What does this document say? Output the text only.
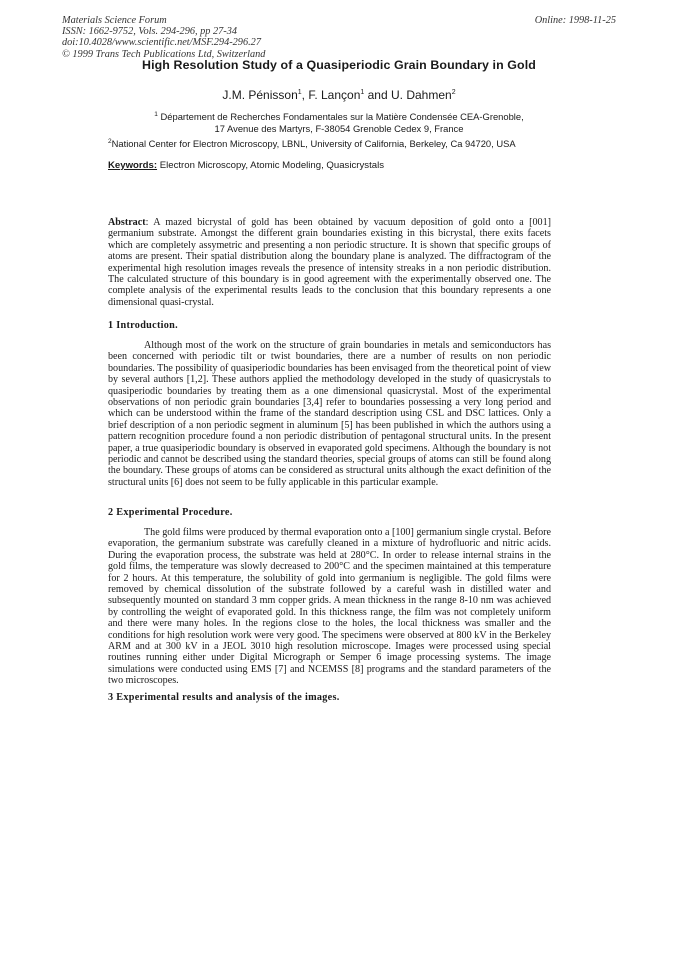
Materials Science Forum
ISSN: 1662-9752, Vols. 294-296, pp 27-34
doi:10.4028/www.scientific.net/MSF.294-296.27
© 1999 Trans Tech Publications Ltd, Switzerland
Online: 1998-11-25
High Resolution Study of a Quasiperiodic Grain Boundary in Gold
J.M. Pénisson$^1$, F. Lançon$^1$ and U. Dahmen$^2$
$^1$ Département de Recherches Fondamentales sur la Matière Condensée CEA-Grenoble,
17 Avenue des Martyrs, F-38054 Grenoble Cedex 9, France
$^2$National Center for Electron Microscopy, LBNL, University of California, Berkeley, Ca 94720, USA
Keywords: Electron Microscopy, Atomic Modeling, Quasicrystals

Abstract: A mazed bicrystal of gold has been obtained by vacuum deposition of gold onto a [001] germanium substrate. Amongst the different grain boundaries existing in this bicrystal, there exits facets which are completely assymetric and presenting a non periodic structure. It is shown that specific groups of atoms are present. Their spatial distribution along the boundary plane is analyzed. The diffractogram of the experimental high resolution images reveals the presence of intensity streaks in a non periodic distribution. The calculated structure of this boundary is in good agreement with the experimentally observed one. The complete analysis of the experimental results leads to the conclusion that this boundary represents a one dimensional quasi-crystal.

1 Introduction.

Although most of the work on the structure of grain boundaries in metals and semiconductors has been concerned with periodic tilt or twist boundaries, there are a number of results on non periodic boundaries. The possibility of quasiperiodic boundaries has been envisaged from the theoretical point of view by several authors [1,2]. These authors applied the methodology developed in the study of quasicrystals to quasiperiodic boundaries by treating them as a one dimensional quasicrystal. Most of the experimental observations of non periodic grain boundaries [3,4] refer to boundaries possessing a very long period and which can be understood within the frame of the standard description using CSL and DSC lattices. Only a brief description of a non periodic segment in aluminum [5] has been published in which the authors using a pattern recognition procedure found a non periodic distribution of pentagonal structural units. In the present paper, a true quasiperiodic boundary is observed in evaporated gold specimens. Although the boundary is not periodic and cannot be described using the standard theories, special groups of atoms can still be found along the boundary. These groups of atoms can be considered as structural units although the exact definition of the structural units [6] does not seem to be fully applicable in this particular example.

2 Experimental Procedure.

The gold films were produced by thermal evaporation onto a [100] germanium single crystal. Before evaporation, the germanium substrate was carefully cleaned in a mixture of hydrofluoric and nitric acids. During the evaporation process, the substrate was held at 280°C. In order to release internal strains in the gold films, the temperature was slowly decreased to 200°C and the specimen maintained at this temperature for 2 hours. At this temperature, the solubility of gold into germanium is negligible. The gold films were removed by chemical dissolution of the substrate followed by a careful wash in distilled water and subsequently mounted on standard 3 mm copper grids. A mean thickness in the range 8-10 nm was achieved by controlling the weight of evaporated gold. In this thickness range, the film was not completely uniform and there were many holes. In the regions close to the holes, the local thickness was smaller and the conditions for high resolution work were very good. The specimens were observed at 800 kV in the Berkeley ARM and at 300 kV in a JEOL 3010 high resolution microscope. Images were processed using special routines running either under Digital Micrograph or Semper 6 image processing systems. The image simulations were conducted using EMS [7] and NCEMSS [8] programs and the standard parameters of the two microscopes.

3 Experimental results and analysis of the images.
